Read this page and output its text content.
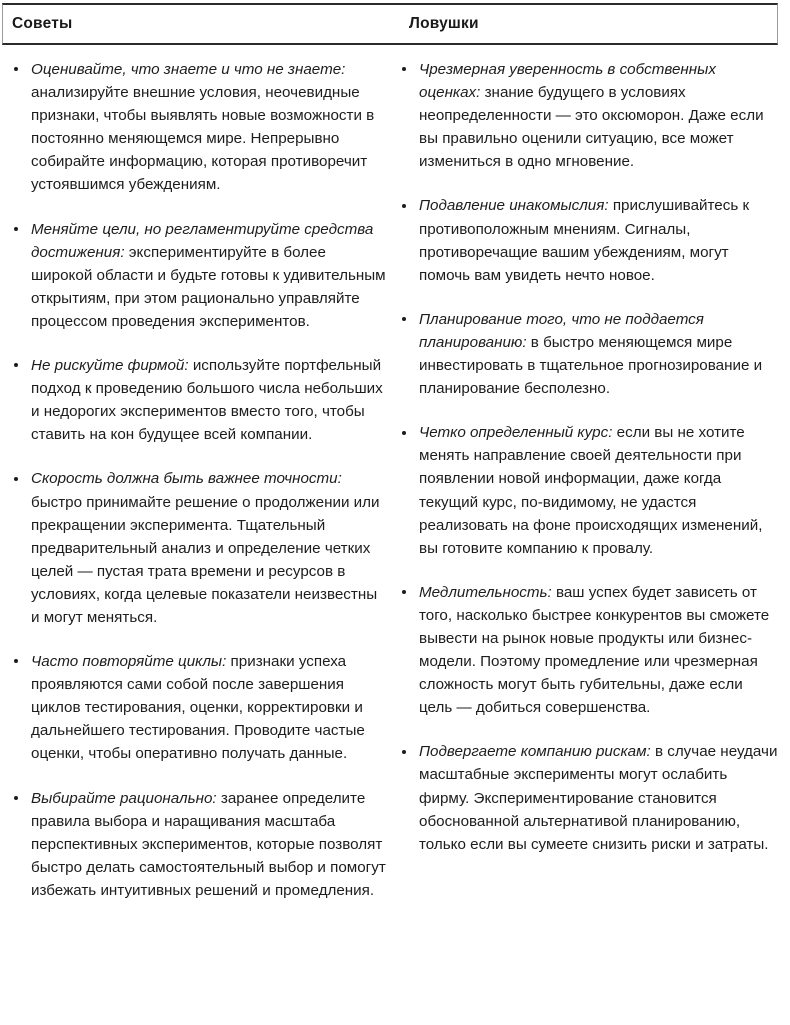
Советы	Ловушки
Оценивайте, что знаете и что не знаете: анализируйте внешние условия, неочевидные признаки, чтобы выявлять новые возможности в постоянно меняющемся мире. Непрерывно собирайте информацию, которая противоречит устоявшимся убеждениям.
Меняйте цели, но регламентируйте средства достижения: экспериментируйте в более широкой области и будьте готовы к удивительным открытиям, при этом рационально управляйте процессом проведения экспериментов.
Не рискуйте фирмой: используйте портфельный подход к проведению большого числа небольших и недорогих экспериментов вместо того, чтобы ставить на кон будущее всей компании.
Скорость должна быть важнее точности: быстро принимайте решение о продолжении или прекращении эксперимента. Тщательный предварительный анализ и определение четких целей — пустая трата времени и ресурсов в условиях, когда целевые показатели неизвестны и могут меняться.
Часто повторяйте циклы: признаки успеха проявляются сами собой после завершения циклов тестирования, оценки, корректировки и дальнейшего тестирования. Проводите частые оценки, чтобы оперативно получать данные.
Выбирайте рационально: заранее определите правила выбора и наращивания масштаба перспективных экспериментов, которые позволят быстро делать самостоятельный выбор и помогут избежать интуитивных решений и промедления.
Чрезмерная уверенность в собственных оценках: знание будущего в условиях неопределенности — это оксюморон. Даже если вы правильно оценили ситуацию, все может измениться в одно мгновение.
Подавление инакомыслия: прислушивайтесь к противоположным мнениям. Сигналы, противоречащие вашим убеждениям, могут помочь вам увидеть нечто новое.
Планирование того, что не поддается планированию: в быстро меняющемся мире инвестировать в тщательное прогнозирование и планирование бесполезно.
Четко определенный курс: если вы не хотите менять направление своей деятельности при появлении новой информации, даже когда текущий курс, по-видимому, не удастся реализовать на фоне происходящих изменений, вы готовите компанию к провалу.
Медлительность: ваш успех будет зависеть от того, насколько быстрее конкурентов вы сможете вывести на рынок новые продукты или бизнес-модели. Поэтому промедление или чрезмерная сложность могут быть губительны, даже если цель — добиться совершенства.
Подвергаете компанию рискам: в случае неудачи масштабные эксперименты могут ослабить фирму. Экспериментирование становится обоснованной альтернативой планированию, только если вы сумеете снизить риски и затраты.
